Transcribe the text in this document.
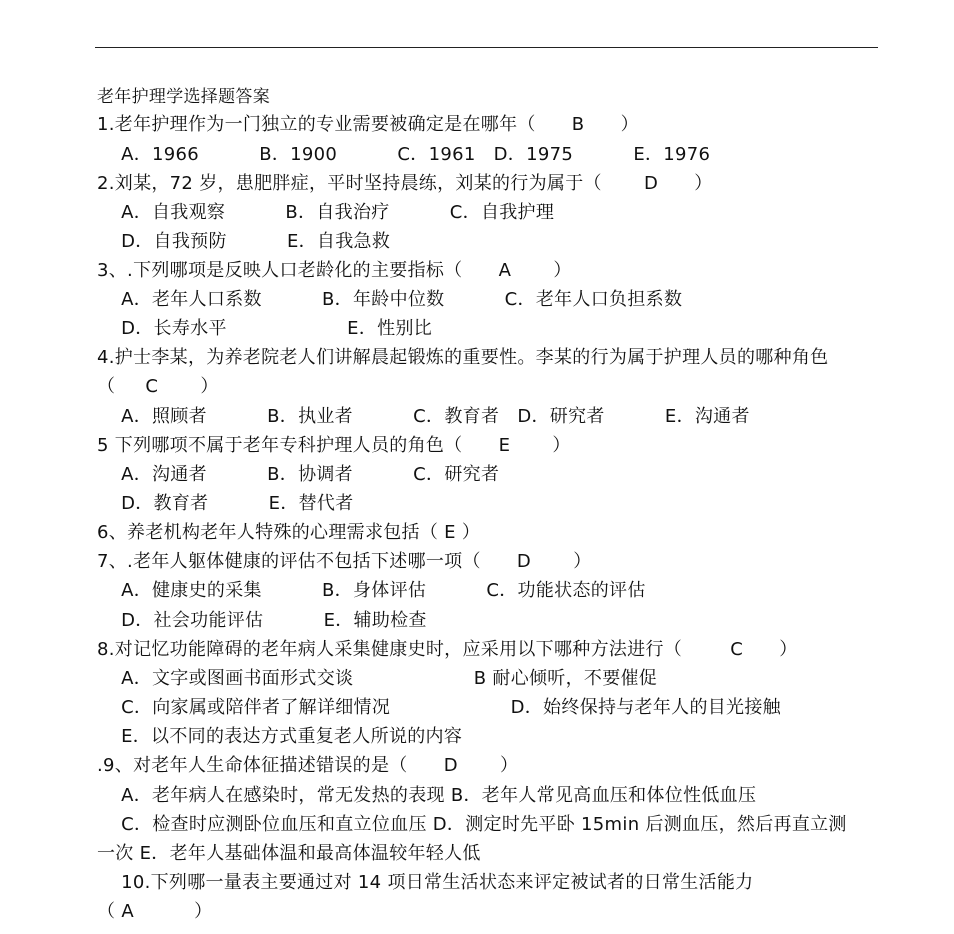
老年护理学选择题答案
1.老年护理作为一门独立的专业需要被确定是在哪年（      B      ）
A．1966          B．1900          C．1961   D．1975          E．1976
2.刘某，72 岁，患肥胖症，平时坚持晨练，刘某的行为属于（       D      ）
A．自我观察          B．自我治疗          C．自我护理
D．自我预防          E．自我急救
3、.下列哪项是反映人口老龄化的主要指标（      A       ）
A．老年人口系数          B．年龄中位数          C．老年人口负担系数
D．长寿水平                    E．性别比
4.护士李某，为养老院老人们讲解晨起锻炼的重要性。李某的行为属于护理人员的哪种角色
（     C       ）
A．照顾者          B．执业者          C．教育者   D．研究者          E．沟通者
5 下列哪项不属于老年专科护理人员的角色（      E       ）
A．沟通者          B．协调者          C．研究者
D．教育者          E．替代者
6、养老机构老年人特殊的心理需求包括（ E ）
7、.老年人躯体健康的评估不包括下述哪一项（      D       ）
A．健康史的采集          B．身体评估          C．功能状态的评估
D．社会功能评估          E．辅助检查
8.对记忆功能障碍的老年病人采集健康史时，应采用以下哪种方法进行（        C      ）
A．文字或图画书面形式交谈                    B 耐心倾听，不要催促
C．向家属或陪伴者了解详细情况                    D．始终保持与老年人的目光接触
E．以不同的表达方式重复老人所说的内容
.9、对老年人生命体征描述错误的是（      D       ）
A．老年病人在感染时，常无发热的表现 B．老年人常见高血压和体位性低血压
C．检查时应测卧位血压和直立位血压 D．测定时先平卧 15min 后测血压，然后再直立测
一次 E．老年人基础体温和最高体温较年轻人低
10.下列哪一量表主要通过对 14 项日常生活状态来评定被试者的日常生活能力
（ A          ）
